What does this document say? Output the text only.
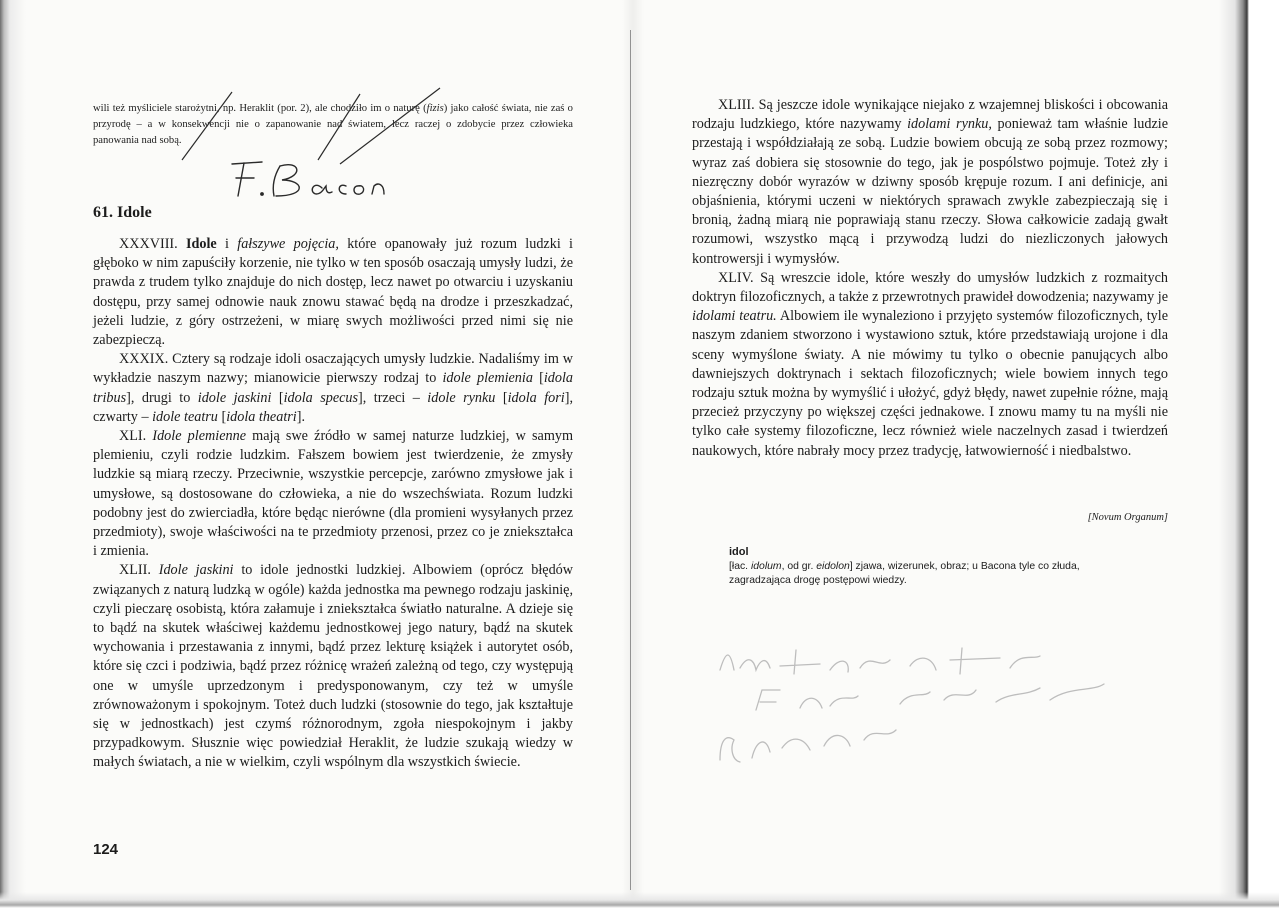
wili też myśliciele starożytni, np. Heraklit (por. 2), ale chodziło im o naturę (fizis) jako całość świata, nie zaś o przyrodę – a w konsekwencji nie o zapanowanie nad światem, lecz raczej o zdobycie przez człowieka panowania nad sobą.
61. Idole

XXXVIII. Idole i fałszywe pojęcia, które opanowały już rozum ludzki i głęboko w nim zapuściły korzenie, nie tylko w ten sposób osaczają umysły ludzi, że prawda z trudem tylko znajduje do nich dostęp, lecz nawet po otwarciu i uzyskaniu dostępu, przy samej odnowie nauk znowu stawać będą na drodze i przeszkadzać, jeżeli ludzie, z góry ostrzeżeni, w miarę swych możliwości przed nimi się nie zabezpieczą.

XXXIX. Cztery są rodzaje idoli osaczających umysły ludzkie. Nadaliśmy im w wykładzie naszym nazwy; mianowicie pierwszy rodzaj to idole plemienia [idola tribus], drugi to idole jaskini [idola specus], trzeci – idole rynku [idola fori], czwarty – idole teatru [idola theatri].

XLI. Idole plemienne mają swe źródło w samej naturze ludzkiej, w samym plemieniu, czyli rodzie ludzkim. Fałszem bowiem jest twierdzenie, że zmysły ludzkie są miarą rzeczy. Przeciwnie, wszystkie percepcje, zarówno zmysłowe jak i umysłowe, są dostosowane do człowieka, a nie do wszechświata. Rozum ludzki podobny jest do zwierciadła, które będąc nierówne (dla promieni wysyłanych przez przedmioty), swoje właściwości na te przedmioty przenosi, przez co je zniekształca i zmienia.

XLII. Idole jaskini to idole jednostki ludzkiej. Albowiem (oprócz błędów związanych z naturą ludzką w ogóle) każda jednostka ma pewnego rodzaju jaskinię, czyli pieczarę osobistą, która załamuje i zniekształca światło naturalne. A dzieje się to bądź na skutek właściwej każdemu jednostkowej jego natury, bądź na skutek wychowania i przestawania z innymi, bądź przez lekturę książek i autorytet osób, które się czci i podziwia, bądź przez różnicę wrażeń zależną od tego, czy występują one w umyśle uprzedzonym i predysponowanym, czy też w umyśle zrównoważonym i spokojnym. Toteż duch ludzki (stosownie do tego, jak kształtuje się w jednostkach) jest czymś różnorodnym, zgoła niespokojnym i jakby przypadkowym. Słusznie więc powiedział Heraklit, że ludzie szukają wiedzy w małych światach, a nie w wielkim, czyli wspólnym dla wszystkich świecie.

124

XLIII. Są jeszcze idole wynikające niejako z wzajemnej bliskości i obcowania rodzaju ludzkiego, które nazywamy idolami rynku, ponieważ tam właśnie ludzie przestają i współdziałają ze sobą. Ludzie bowiem obcują ze sobą przez rozmowy; wyraz zaś dobiera się stosownie do tego, jak je pospólstwo pojmuje. Toteż zły i niezręczny dobór wyrazów w dziwny sposób krępuje rozum. I ani definicje, ani objaśnienia, którymi uczeni w niektórych sprawach zwykle zabezpieczają się i bronią, żadną miarą nie poprawiają stanu rzeczy. Słowa całkowicie zadają gwałt rozumowi, wszystko mącą i przywodzą ludzi do niezliczonych jałowych kontrowersji i wymysłów.

XLIV. Są wreszcie idole, które weszły do umysłów ludzkich z rozmaitych doktryn filozoficznych, a także z przewrotnych prawideł dowodzenia; nazywamy je idolami teatru. Albowiem ile wynaleziono i przyjęto systemów filozoficznych, tyle naszym zdaniem stworzono i wystawiono sztuk, które przedstawiają urojone i dla sceny wymyślone światy. A nie mówimy tu tylko o obecnie panujących albo dawniejszych doktrynach i sektach filozoficznych; wiele bowiem innych tego rodzaju sztuk można by wymyślić i ułożyć, gdyż błędy, nawet zupełnie różne, mają przecież przyczyny po większej części jednakowe. I znowu mamy tu na myśli nie tylko całe systemy filozoficzne, lecz również wiele naczelnych zasad i twierdzeń naukowych, które nabrały mocy przez tradycję, łatwowierność i niedbalstwo.

[Novum Organum]
idol
[łac. idolum, od gr. eidolon] zjawa, wizerunek, obraz; u Bacona tyle co złuda, zagradzająca drogę postępowi wiedzy.
